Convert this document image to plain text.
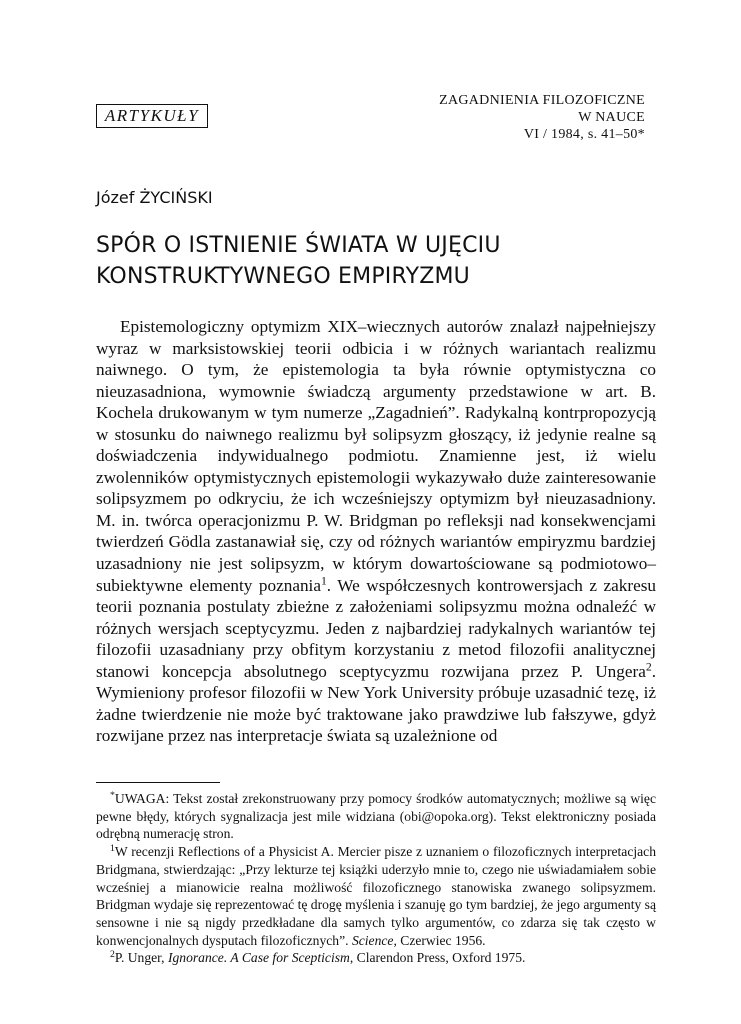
ARTYKUŁY
ZAGADNIENIA FILOZOFICZNE
W NAUCE
VI / 1984, s. 41–50*
Józef ŻYCIŃSKI
SPÓR O ISTNIENIE ŚWIATA W UJĘCIU
KONSTRUKTYWNEGO EMPIRYZMU

Epistemologiczny optymizm XIX–wiecznych autorów znalazł najpełniejszy wyraz w marksistowskiej teorii odbicia i w różnych wariantach realizmu naiwnego. O tym, że epistemologia ta była równie optymistyczna co nieuzasadniona, wymownie świadczą argumenty przedstawione w art. B. Kochela drukowanym w tym numerze „Zagadnień”. Radykalną kontrpropozycją w stosunku do naiwnego realizmu był solipsyzm głoszący, iż jedynie realne są doświadczenia indywidualnego podmiotu. Znamienne jest, iż wielu zwolenników optymistycznych epistemologii wykazywało duże zainteresowanie solipsyzmem po odkryciu, że ich wcześniejszy optymizm był nieuzasadniony. M. in. twórca operacjonizmu P. W. Bridgman po refleksji nad konsekwencjami twierdzeń Gödla zastanawiał się, czy od różnych wariantów empiryzmu bardziej uzasadniony nie jest solipsyzm, w którym dowartościowane są podmiotowo–subiektywne elementy poznania$^1$. We współczesnych kontrowersjach z zakresu teorii poznania postulaty zbieżne z założeniami solipsyzmu można odnaleźć w różnych wersjach sceptycyzmu. Jeden z najbardziej radykalnych wariantów tej filozofii uzasadniany przy obfitym korzystaniu z metod filozofii analitycznej stanowi koncepcja absolutnego sceptycyzmu rozwijana przez P. Ungera$^2$. Wymieniony profesor filozofii w New York University próbuje uzasadnić tezę, iż żadne twierdzenie nie może być traktowane jako prawdziwe lub fałszywe, gdyż rozwijane przez nas interpretacje świata są uzależnione od

*UWAGA: Tekst został zrekonstruowany przy pomocy środków automatycznych; możliwe są więc pewne błędy, których sygnalizacja jest mile widziana (obi@opoka.org). Tekst elektroniczny posiada odrębną numerację stron.

$^1$W recenzji Reflections of a Physicist A. Mercier pisze z uznaniem o filozoficznych interpretacjach Bridgmana, stwierdzając: „Przy lekturze tej książki uderzyło mnie to, czego nie uświadamiałem sobie wcześniej a mianowicie realna możliwość filozoficznego stanowiska zwanego solipsyzmem. Bridgman wydaje się reprezentować tę drogę myślenia i szanuję go tym bardziej, że jego argumenty są sensowne i nie są nigdy przedkładane dla samych tylko argumentów, co zdarza się tak często w konwencjonalnych dysputach filozoficznych”. Science, Czerwiec 1956.

$^2$P. Unger, Ignorance. A Case for Scepticism, Clarendon Press, Oxford 1975.
